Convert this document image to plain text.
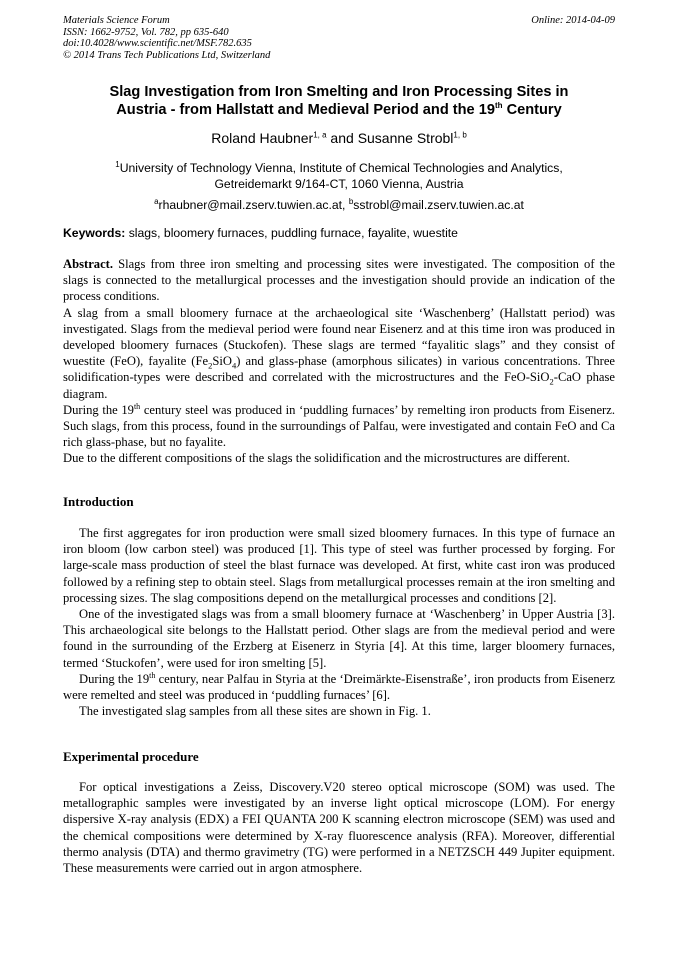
Materials Science Forum
ISSN: 1662-9752, Vol. 782, pp 635-640
doi:10.4028/www.scientific.net/MSF.782.635
© 2014 Trans Tech Publications Ltd, Switzerland
Online: 2014-04-09
Slag Investigation from Iron Smelting and Iron Processing Sites in
Austria - from Hallstatt and Medieval Period and the 19th Century
Roland Haubner$^{1, a}$ and Susanne Strobl$^{1, b}$
$^1$University of Technology Vienna, Institute of Chemical Technologies and Analytics,
Getreidemarkt 9/164-CT, 1060 Vienna, Austria
$^a$rhaubner@mail.zserv.tuwien.ac.at, $^b$sstrobl@mail.zserv.tuwien.ac.at
Keywords: slags, bloomery furnaces, puddling furnace, fayalite, wuestite

Abstract. Slags from three iron smelting and processing sites were investigated. The composition of the slags is connected to the metallurgical processes and the investigation should provide an indication of the process conditions.

A slag from a small bloomery furnace at the archaeological site ‘Waschenberg’ (Hallstatt period) was investigated. Slags from the medieval period were found near Eisenerz and at this time iron was produced in developed bloomery furnaces (Stuckofen). These slags are termed “fayalitic slags” and they consist of wuestite (FeO), fayalite $(Fe_2SiO_4)$ and glass-phase (amorphous silicates) in various concentrations. Three solidification-types were described and correlated with the microstructures and the FeO-SiO$_2$-CaO phase diagram.

During the 19th century steel was produced in ‘puddling furnaces’ by remelting iron products from Eisenerz. Such slags, from this process, found in the surroundings of Palfau, were investigated and contain FeO and Ca rich glass-phase, but no fayalite.

Due to the different compositions of the slags the solidification and the microstructures are different.

Introduction

The first aggregates for iron production were small sized bloomery furnaces. In this type of furnace an iron bloom (low carbon steel) was produced [1]. This type of steel was further processed by forging. For large-scale mass production of steel the blast furnace was developed. At first, white cast iron was produced followed by a refining step to obtain steel. Slags from metallurgical processes remain at the iron smelting and processing sizes. The slag compositions depend on the metallurgical processes and conditions [2].

One of the investigated slags was from a small bloomery furnace at ‘Waschenberg’ in Upper Austria [3]. This archaeological site belongs to the Hallstatt period. Other slags are from the medieval period and were found in the surrounding of the Erzberg at Eisenerz in Styria [4]. At this time, larger bloomery furnaces, termed ‘Stuckofen’, were used for iron smelting [5].

During the 19th century, near Palfau in Styria at the ‘Dreimärkte-Eisenstraße’, iron products from Eisenerz were remelted and steel was produced in ‘puddling furnaces’ [6].

The investigated slag samples from all these sites are shown in Fig. 1.

Experimental procedure

For optical investigations a Zeiss, Discovery.V20 stereo optical microscope (SOM) was used. The metallographic samples were investigated by an inverse light optical microscope (LOM). For energy dispersive X-ray analysis (EDX) a FEI QUANTA 200 K scanning electron microscope (SEM) was used and the chemical compositions were determined by X-ray fluorescence analysis (RFA). Moreover, differential thermo analysis (DTA) and thermo gravimetry (TG) were performed in a NETZSCH 449 Jupiter equipment. These measurements were carried out in argon atmosphere.
